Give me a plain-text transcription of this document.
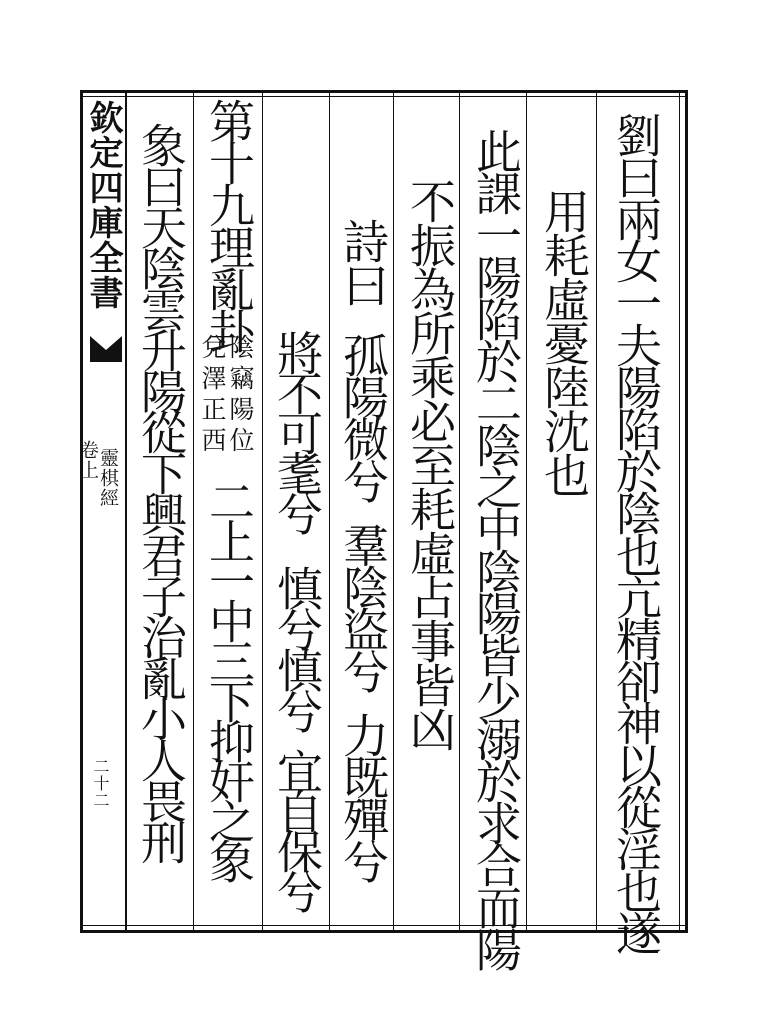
欽定四庫全書
靈棋經
卷上
二十二	劉曰兩女一夫陽陷於陰也亢精卻神以從淫也遂
用耗虛憂陸沈也
此課一陽陷於二陰之中陰陽皆少溺於求合而陽
不振為所乘必至耗虛占事皆凶
詩曰
孤陽微兮
羣陰盜兮
力既殫兮
將不可耄兮
慎兮慎兮
宜自保兮
第十九理亂卦
陰竊陽位
兌澤正西
二上一中三下抑奸之象
象曰天陰雲升陽從下興君子治亂小人畏刑
